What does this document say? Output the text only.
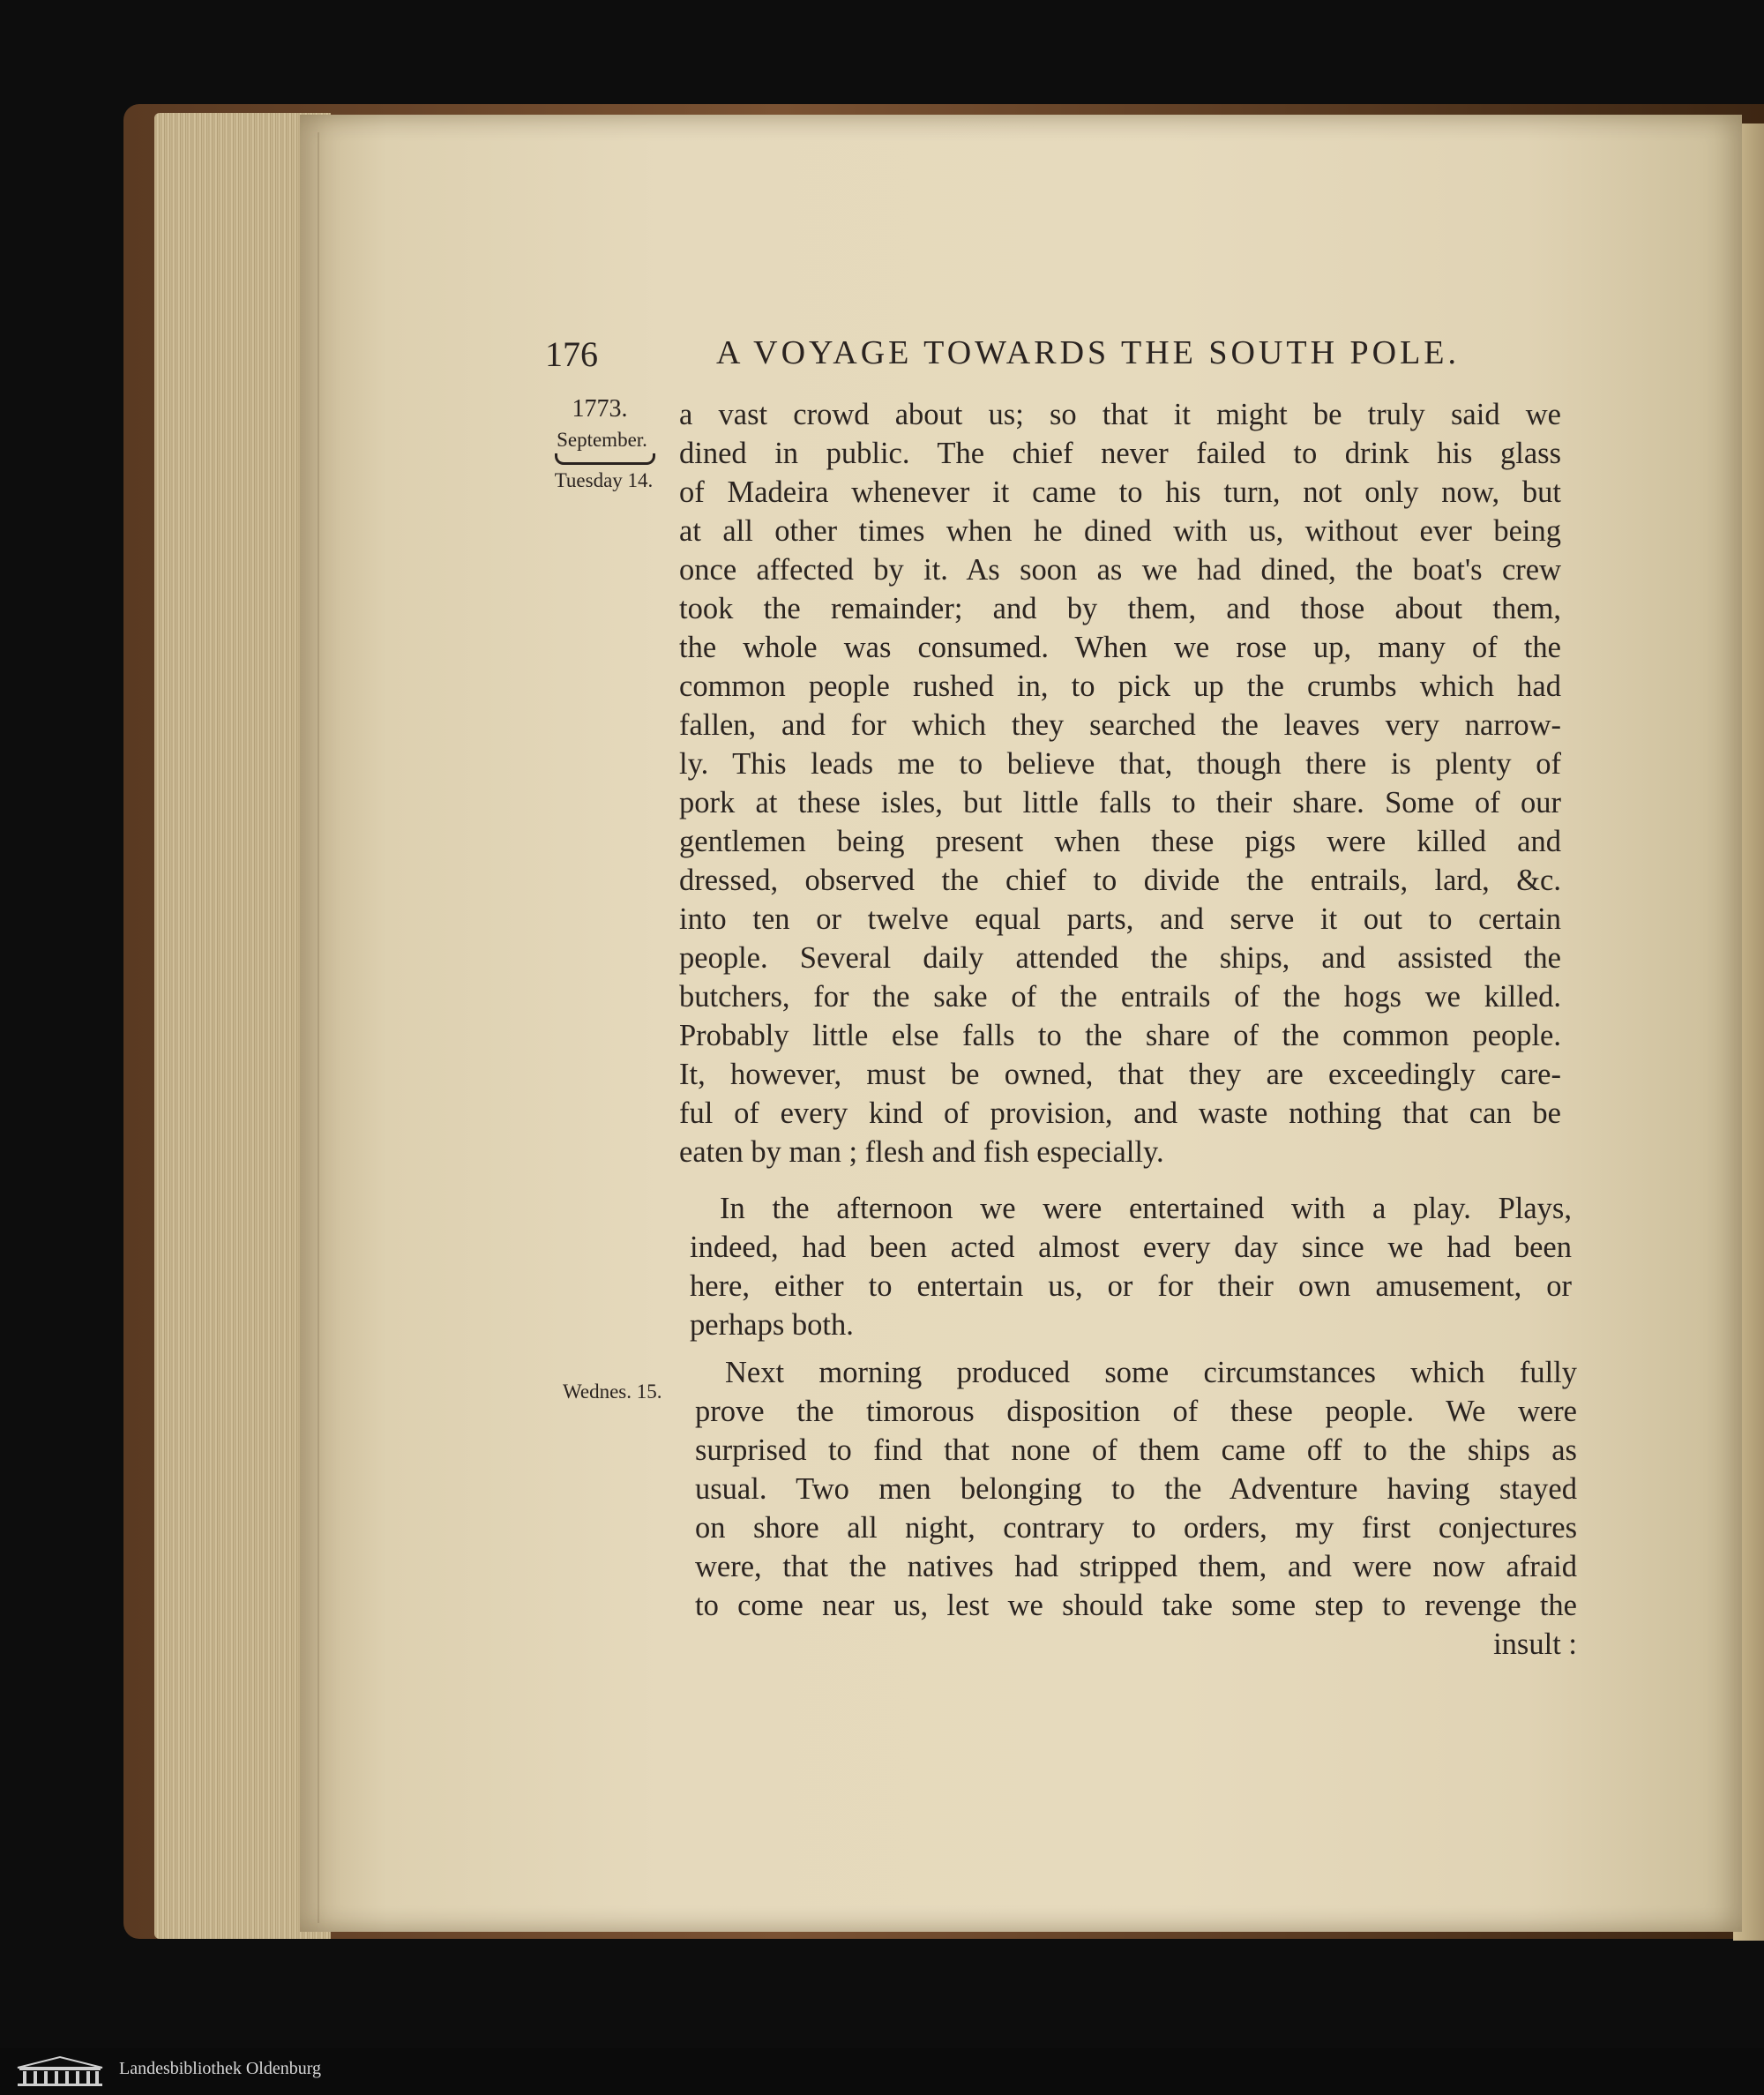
176	A VOYAGE TOWARDS THE SOUTH POLE.
1773.
September.
Tuesday 14.
Wednes. 15.
a vast crowd about us; so that it might be truly said we
dined in public. The chief never failed to drink his glass
of Madeira whenever it came to his turn, not only now, but
at all other times when he dined with us, without ever being
once affected by it. As soon as we had dined, the boat's crew
took the remainder; and by them, and those about them,
the whole was consumed. When we rose up, many of the
common people rushed in, to pick up the crumbs which had
fallen, and for which they searched the leaves very narrow-
ly. This leads me to believe that, though there is plenty of
pork at these isles, but little falls to their share. Some of our
gentlemen being present when these pigs were killed and
dressed, observed the chief to divide the entrails, lard, &c.
into ten or twelve equal parts, and serve it out to certain
people. Several daily attended the ships, and assisted the
butchers, for the sake of the entrails of the hogs we killed.
Probably little else falls to the share of the common people.
It, however, must be owned, that they are exceedingly care-
ful of every kind of provision, and waste nothing that can be
eaten by man ; flesh and fish especially.
In the afternoon we were entertained with a play. Plays,
indeed, had been acted almost every day since we had been
here, either to entertain us, or for their own amusement, or
perhaps both.
Next morning produced some circumstances which fully
prove the timorous disposition of these people. We were
surprised to find that none of them came off to the ships as
usual. Two men belonging to the Adventure having stayed
on shore all night, contrary to orders, my first conjectures
were, that the natives had stripped them, and were now afraid
to come near us, lest we should take some step to revenge the
insult :
Landesbibliothek Oldenburg
